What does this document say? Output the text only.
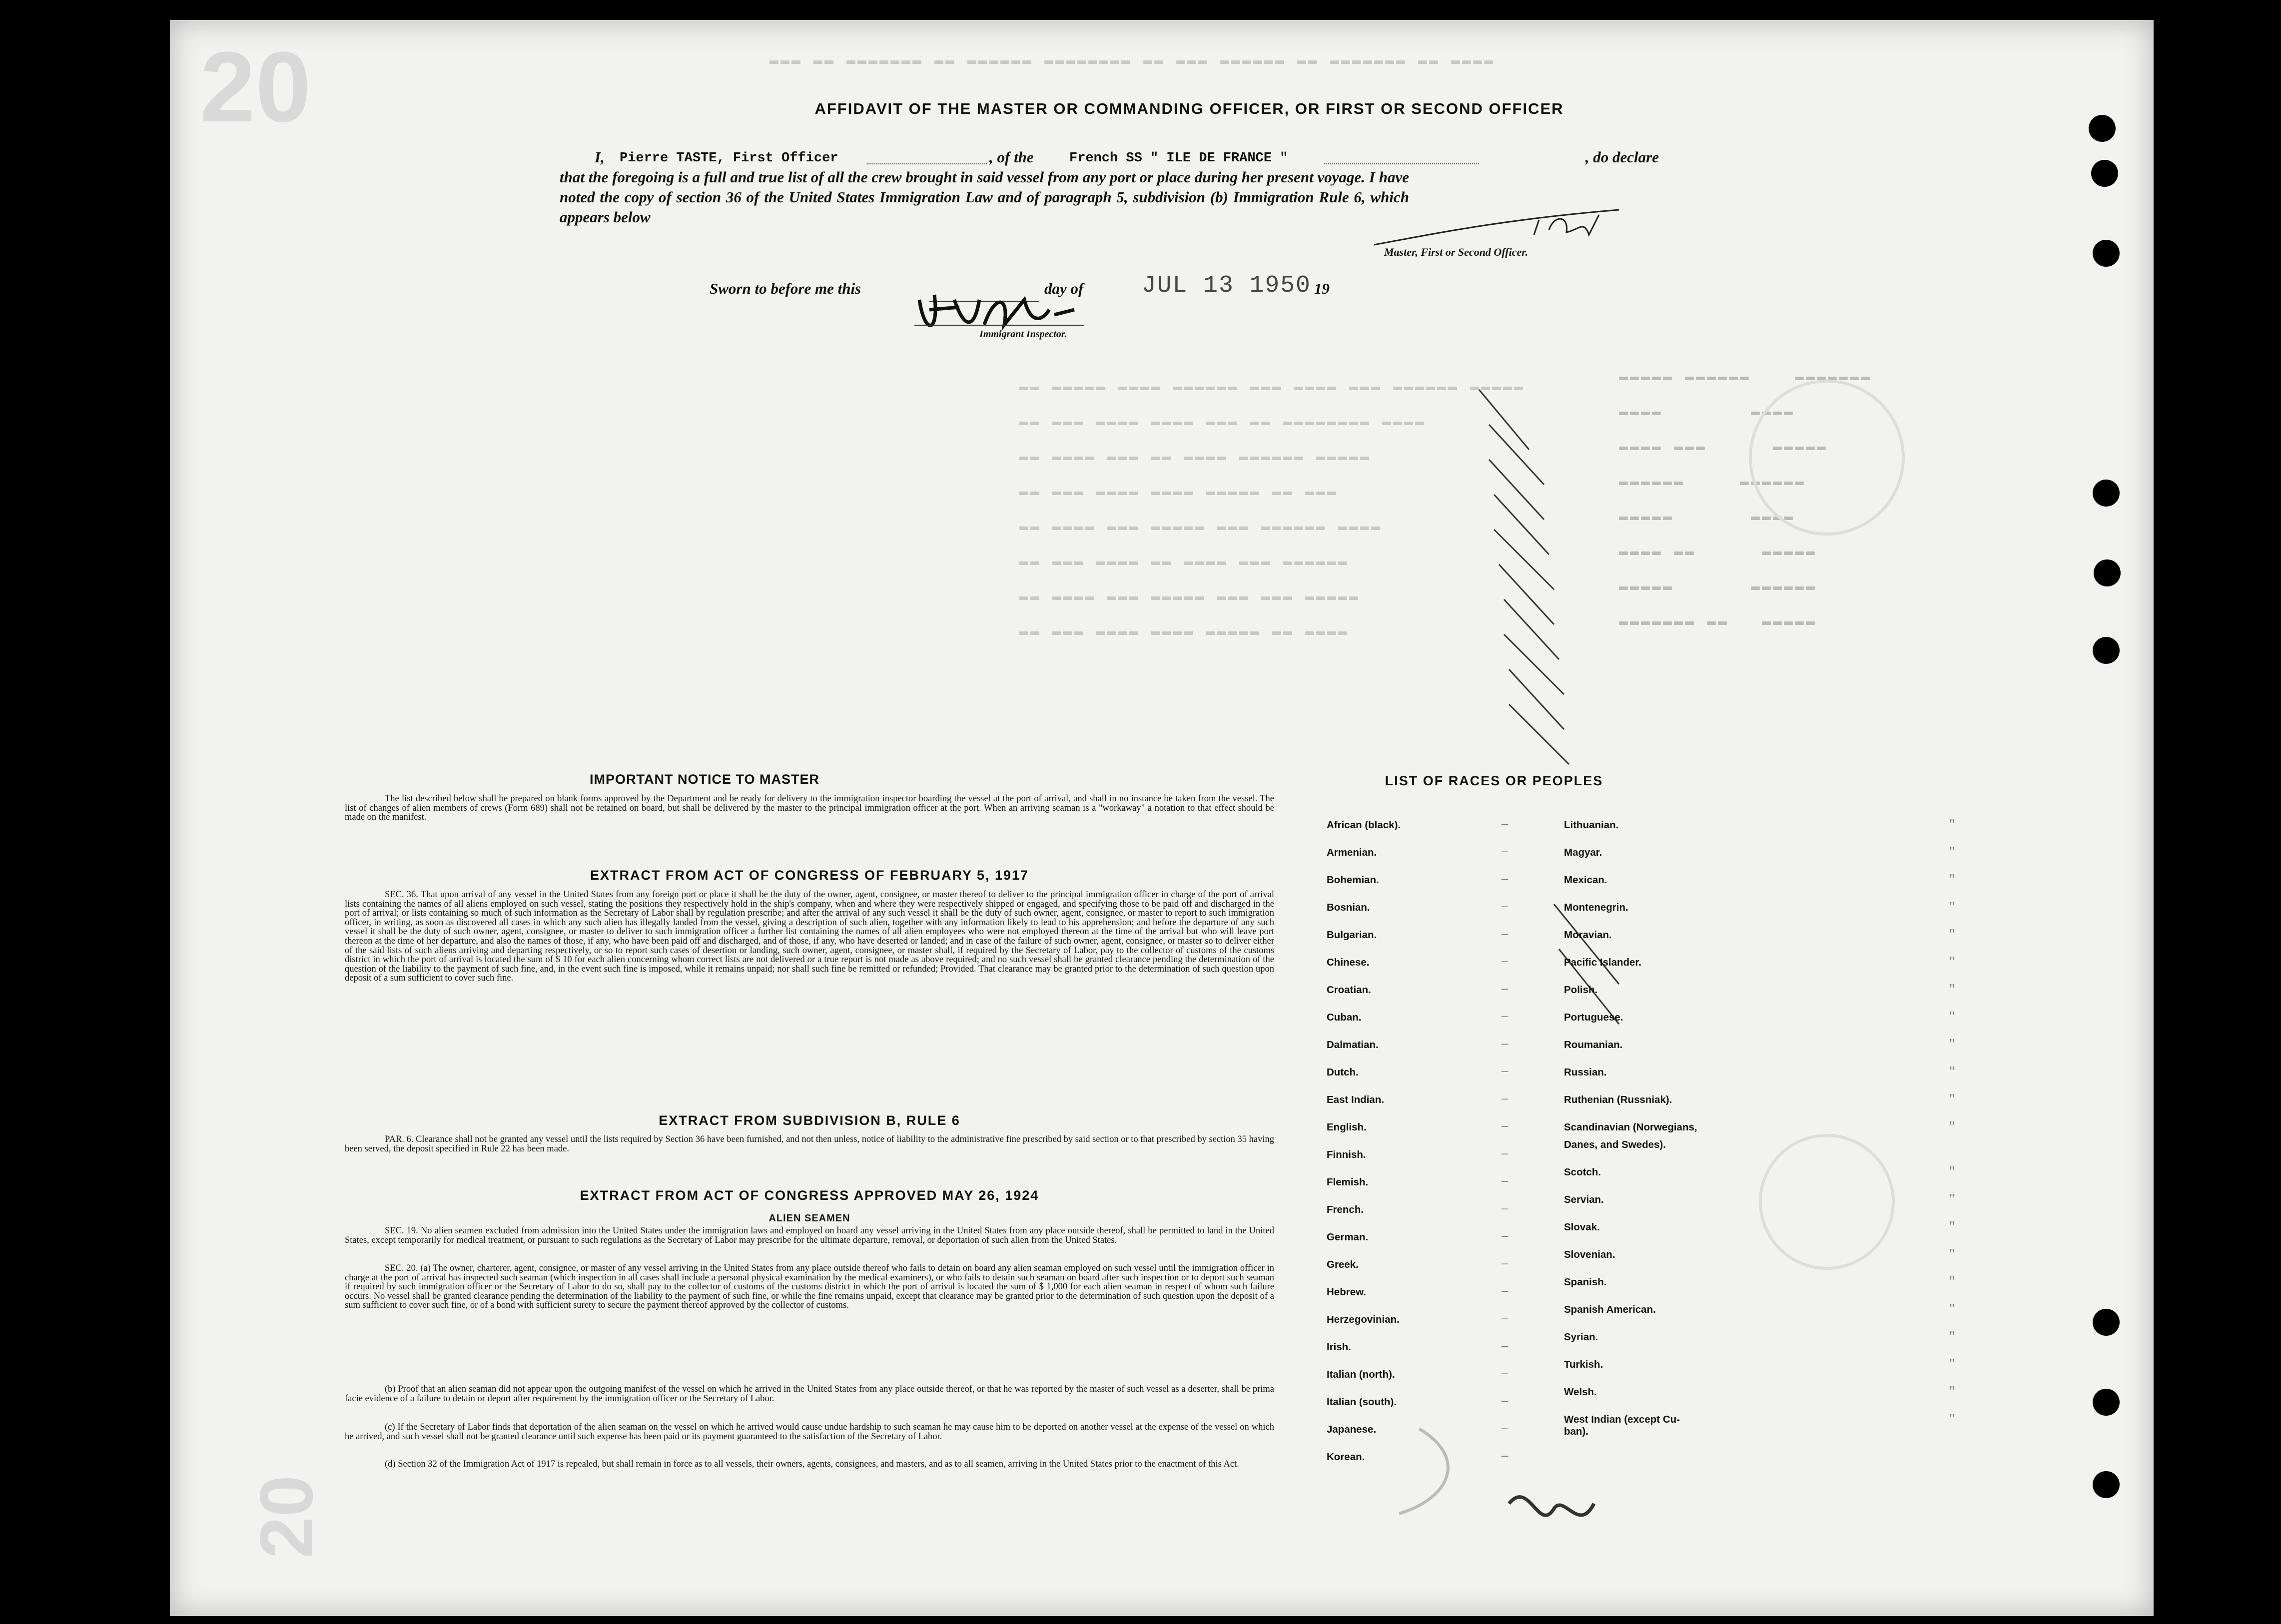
20
20
▬▬▬ ▬▬ ▬▬▬▬▬▬▬ ▬▬ ▬▬▬▬▬▬ ▬▬▬▬▬▬▬▬ ▬▬ ▬▬▬ ▬▬▬▬▬▬ ▬▬ ▬▬▬▬▬▬▬ ▬▬ ▬▬▬▬
▬▬ ▬▬▬▬▬ ▬▬▬▬ ▬▬▬▬▬▬ ▬▬▬ ▬▬▬▬ ▬▬▬ ▬▬▬▬▬▬ ▬▬▬▬▬
▬▬ ▬▬▬ ▬▬▬▬ ▬▬▬▬ ▬▬▬ ▬▬ ▬▬▬▬▬▬▬▬ ▬▬▬▬
▬▬ ▬▬▬▬ ▬▬▬ ▬▬ ▬▬▬▬ ▬▬▬▬▬▬ ▬▬▬▬▬
▬▬ ▬▬▬ ▬▬▬▬ ▬▬▬▬ ▬▬▬▬▬ ▬▬ ▬▬▬
▬▬ ▬▬▬▬ ▬▬▬ ▬▬▬▬▬ ▬▬▬ ▬▬▬▬▬▬ ▬▬▬▬
▬▬ ▬▬▬ ▬▬▬▬ ▬▬ ▬▬▬▬ ▬▬▬ ▬▬▬▬▬▬
▬▬ ▬▬▬▬ ▬▬▬ ▬▬▬▬▬ ▬▬▬ ▬▬▬ ▬▬▬▬▬
▬▬ ▬▬▬ ▬▬▬▬ ▬▬▬▬ ▬▬▬▬▬ ▬▬ ▬▬▬▬
▬▬▬▬▬ ▬▬▬▬▬▬    ▬▬▬▬▬▬▬
▬▬▬▬        ▬▬▬▬
▬▬▬▬ ▬▬▬      ▬▬▬▬▬
▬▬▬▬▬▬     ▬▬▬▬▬▬
▬▬▬▬▬       ▬▬▬▬
▬▬▬▬ ▬▬      ▬▬▬▬▬
▬▬▬▬▬       ▬▬▬▬▬▬
▬▬▬▬▬▬▬ ▬▬   ▬▬▬▬▬
AFFIDAVIT OF THE MASTER OR COMMANDING OFFICER, OR FIRST OR SECOND OFFICER
I, Pierre TASTE, First Officer	, of the	French SS " ILE DE FRANCE "	, do declare
that the foregoing is a full and true list of all the crew brought in said vessel from any port or place during her present voyage. I have noted the copy of section 36 of the United States Immigration Law and of paragraph 5, subdivision (b) Immigration Rule 6, which appears below
Master, First or Second Officer.
Sworn to before me this	day of JUL 13 1950 19
Immigrant Inspector.
IMPORTANT NOTICE TO MASTER
The list described below shall be prepared on blank forms approved by the Department and be ready for delivery to the immigration inspector boarding the vessel at the port of arrival, and shall in no instance be taken from the vessel. The list of changes of alien members of crews (Form 689) shall not be retained on board, but shall be delivered by the master to the principal immigration officer at the port. When an arriving seaman is a "workaway" a notation to that effect should be made on the manifest.
EXTRACT FROM ACT OF CONGRESS OF FEBRUARY 5, 1917
SEC. 36. That upon arrival of any vessel in the United States from any foreign port or place it shall be the duty of the owner, agent, consignee, or master thereof to deliver to the principal immigration officer in charge of the port of arrival lists containing the names of all aliens employed on such vessel, stating the positions they respectively hold in the ship's company, when and where they were respectively shipped or engaged, and specifying those to be paid off and discharged in the port of arrival; or lists containing so much of such information as the Secretary of Labor shall by regulation prescribe; and after the arrival of any such vessel it shall be the duty of such owner, agent, consignee, or master to report to such immigration officer, in writing, as soon as discovered all cases in which any such alien has illegally landed from the vessel, giving a description of such alien, together with any information likely to lead to his apprehension; and before the departure of any such vessel it shall be the duty of such owner, agent, consignee, or master to deliver to such immigration officer a further list containing the names of all alien employees who were not employed thereon at the time of the arrival but who will leave port thereon at the time of her departure, and also the names of those, if any, who have been paid off and discharged, and of those, if any, who have deserted or landed; and in case of the failure of such owner, agent, consignee, or master so to deliver either of the said lists of such aliens arriving and departing respectively, or so to report such cases of desertion or landing, such owner, agent, consignee, or master shall, if required by the Secretary of Labor, pay to the collector of customs of the customs district in which the port of arrival is located the sum of $ 10 for each alien concerning whom correct lists are not delivered or a true report is not made as above required; and no such vessel shall be granted clearance pending the determination of the question of the liability to the payment of such fine, and, in the event such fine is imposed, while it remains unpaid; nor shall such fine be remitted or refunded; Provided. That clearance may be granted prior to the determination of such question upon deposit of a sum sufficient to cover such fine.
EXTRACT FROM SUBDIVISION B, RULE 6
PAR. 6. Clearance shall not be granted any vessel until the lists required by Section 36 have been furnished, and not then unless, notice of liability to the administrative fine prescribed by said section or to that prescribed by section 35 having been served, the deposit specified in Rule 22 has been made.
EXTRACT FROM ACT OF CONGRESS APPROVED MAY 26, 1924
ALIEN SEAMEN
SEC. 19. No alien seamen excluded from admission into the United States under the immigration laws and employed on board any vessel arriving in the United States from any place outside thereof, shall be permitted to land in the United States, except temporarily for medical treatment, or pursuant to such regulations as the Secretary of Labor may prescribe for the ultimate departure, removal, or deportation of such alien from the United States.
SEC. 20. (a) The owner, charterer, agent, consignee, or master of any vessel arriving in the United States from any place outside thereof who fails to detain on board any alien seaman employed on such vessel until the immigration officer in charge at the port of arrival has inspected such seaman (which inspection in all cases shall include a personal physical examination by the medical examiners), or who fails to detain such seaman on board after such inspection or to deport such seaman if required by such immigration officer or the Secretary of Labor to do so, shall pay to the collector of customs of the customs district in which the port of arrival is located the sum of $ 1,000 for each alien seaman in respect of whom such failure occurs. No vessel shall be granted clearance pending the determination of the liability to the payment of such fine, or while the fine remains unpaid, except that clearance may be granted prior to the determination of such question upon the deposit of a sum sufficient to cover such fine, or of a bond with sufficient surety to secure the payment thereof approved by the collector of customs.
(b) Proof that an alien seaman did not appear upon the outgoing manifest of the vessel on which he arrived in the United States from any place outside thereof, or that he was reported by the master of such vessel as a deserter, shall be prima facie evidence of a failure to detain or deport after requirement by the immigration officer or the Secretary of Labor.
(c) If the Secretary of Labor finds that deportation of the alien seaman on the vessel on which he arrived would cause undue hardship to such seaman he may cause him to be deported on another vessel at the expense of the vessel on which he arrived, and such vessel shall not be granted clearance until such expense has been paid or its payment guaranteed to the satisfaction of the Secretary of Labor.
(d) Section 32 of the Immigration Act of 1917 is repealed, but shall remain in force as to all vessels, their owners, agents, consignees, and masters, and as to all seamen, arriving in the United States prior to the enactment of this Act.
LIST OF RACES OR PEOPLES
African (black).	—
Armenian.	—
Bohemian.	—
Bosnian.	—
Bulgarian.	—
Chinese.	—
Croatian.	—
Cuban.	—
Dalmatian.	—
Dutch.	—
East Indian.	—
English.	—
Finnish.	—
Flemish.	—
French.	—
German.	—
Greek.	—
Hebrew.	—
Herzegovinian.	—
Irish.	—
Italian (north).	—
Italian (south).	—
Japanese.	—
Korean.	—
Lithuanian.	"
Magyar.	"
Mexican.	"
Montenegrin.	"
Moravian.	"
Pacific Islander.	"
Polish.	"
Portuguese.	"
Roumanian.	"
Russian.	"
Ruthenian (Russniak).	"
Scandinavian (Norwegians,	"
Danes, and Swedes).
Scotch.	"
Servian.	"
Slovak.	"
Slovenian.	"
Spanish.	"
Spanish American.	"
Syrian.	"
Turkish.	"
Welsh.	"
West Indian (except Cu-	"
ban).
